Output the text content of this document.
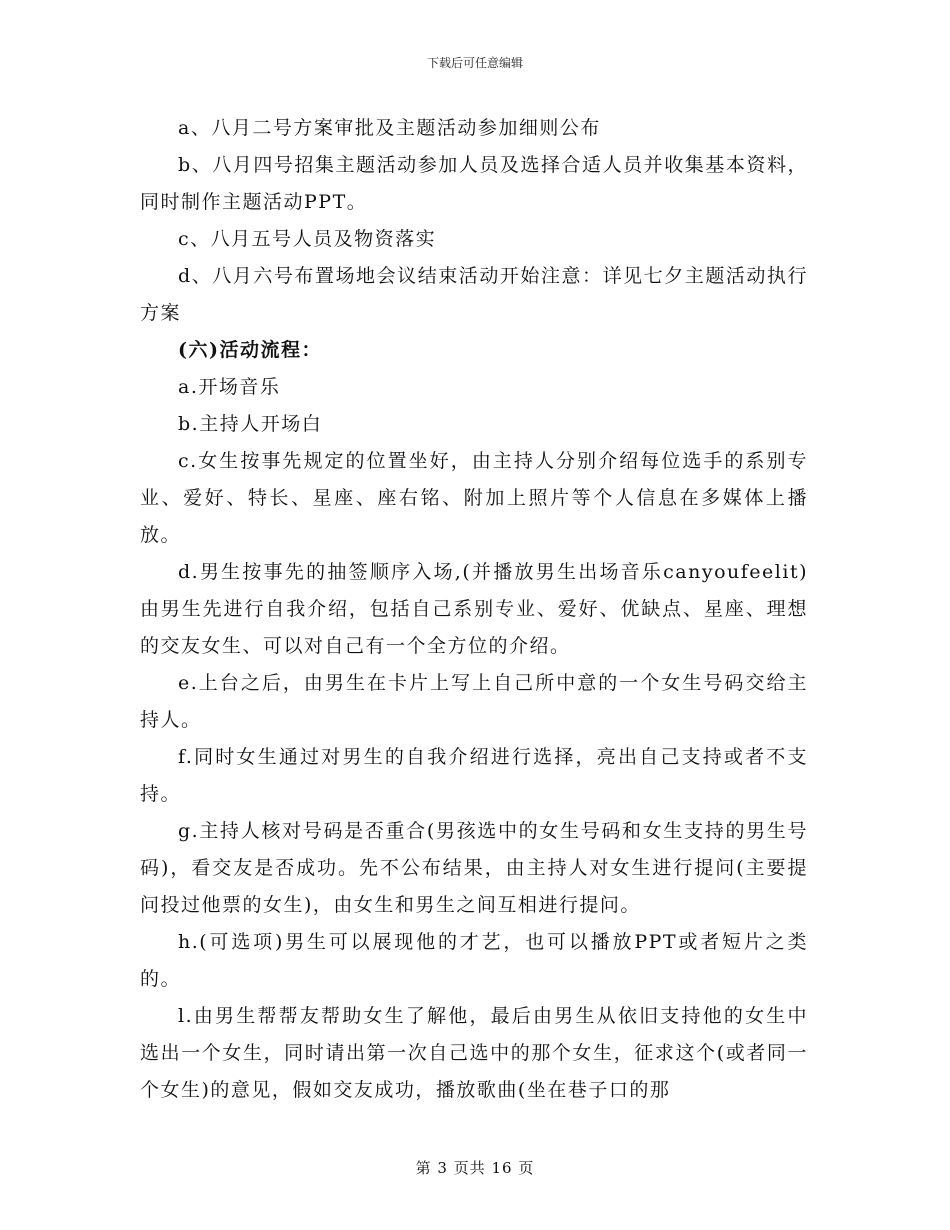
下载后可任意编辑

a、八月二号方案审批及主题活动参加细则公布

b、八月四号招集主题活动参加人员及选择合适人员并收集基本资料，同时制作主题活动PPT。

c、八月五号人员及物资落实

d、八月六号布置场地会议结束活动开始注意：详见七夕主题活动执行方案

(六)活动流程：

a.开场音乐

b.主持人开场白

c.女生按事先规定的位置坐好，由主持人分别介绍每位选手的系别专业、爱好、特长、星座、座右铭、附加上照片等个人信息在多媒体上播放。

d.男生按事先的抽签顺序入场,(并播放男生出场音乐canyoufeelit)由男生先进行自我介绍，包括自己系别专业、爱好、优缺点、星座、理想的交友女生、可以对自己有一个全方位的介绍。

e.上台之后，由男生在卡片上写上自己所中意的一个女生号码交给主持人。

f.同时女生通过对男生的自我介绍进行选择，亮出自己支持或者不支持。

g.主持人核对号码是否重合(男孩选中的女生号码和女生支持的男生号码)，看交友是否成功。先不公布结果，由主持人对女生进行提问(主要提问投过他票的女生)，由女生和男生之间互相进行提问。

h.(可选项)男生可以展现他的才艺，也可以播放PPT或者短片之类的。

l.由男生帮帮友帮助女生了解他，最后由男生从依旧支持他的女生中选出一个女生，同时请出第一次自己选中的那个女生，征求这个(或者同一个女生)的意见，假如交友成功，播放歌曲(坐在巷子口的那

第 3 页共 16 页
